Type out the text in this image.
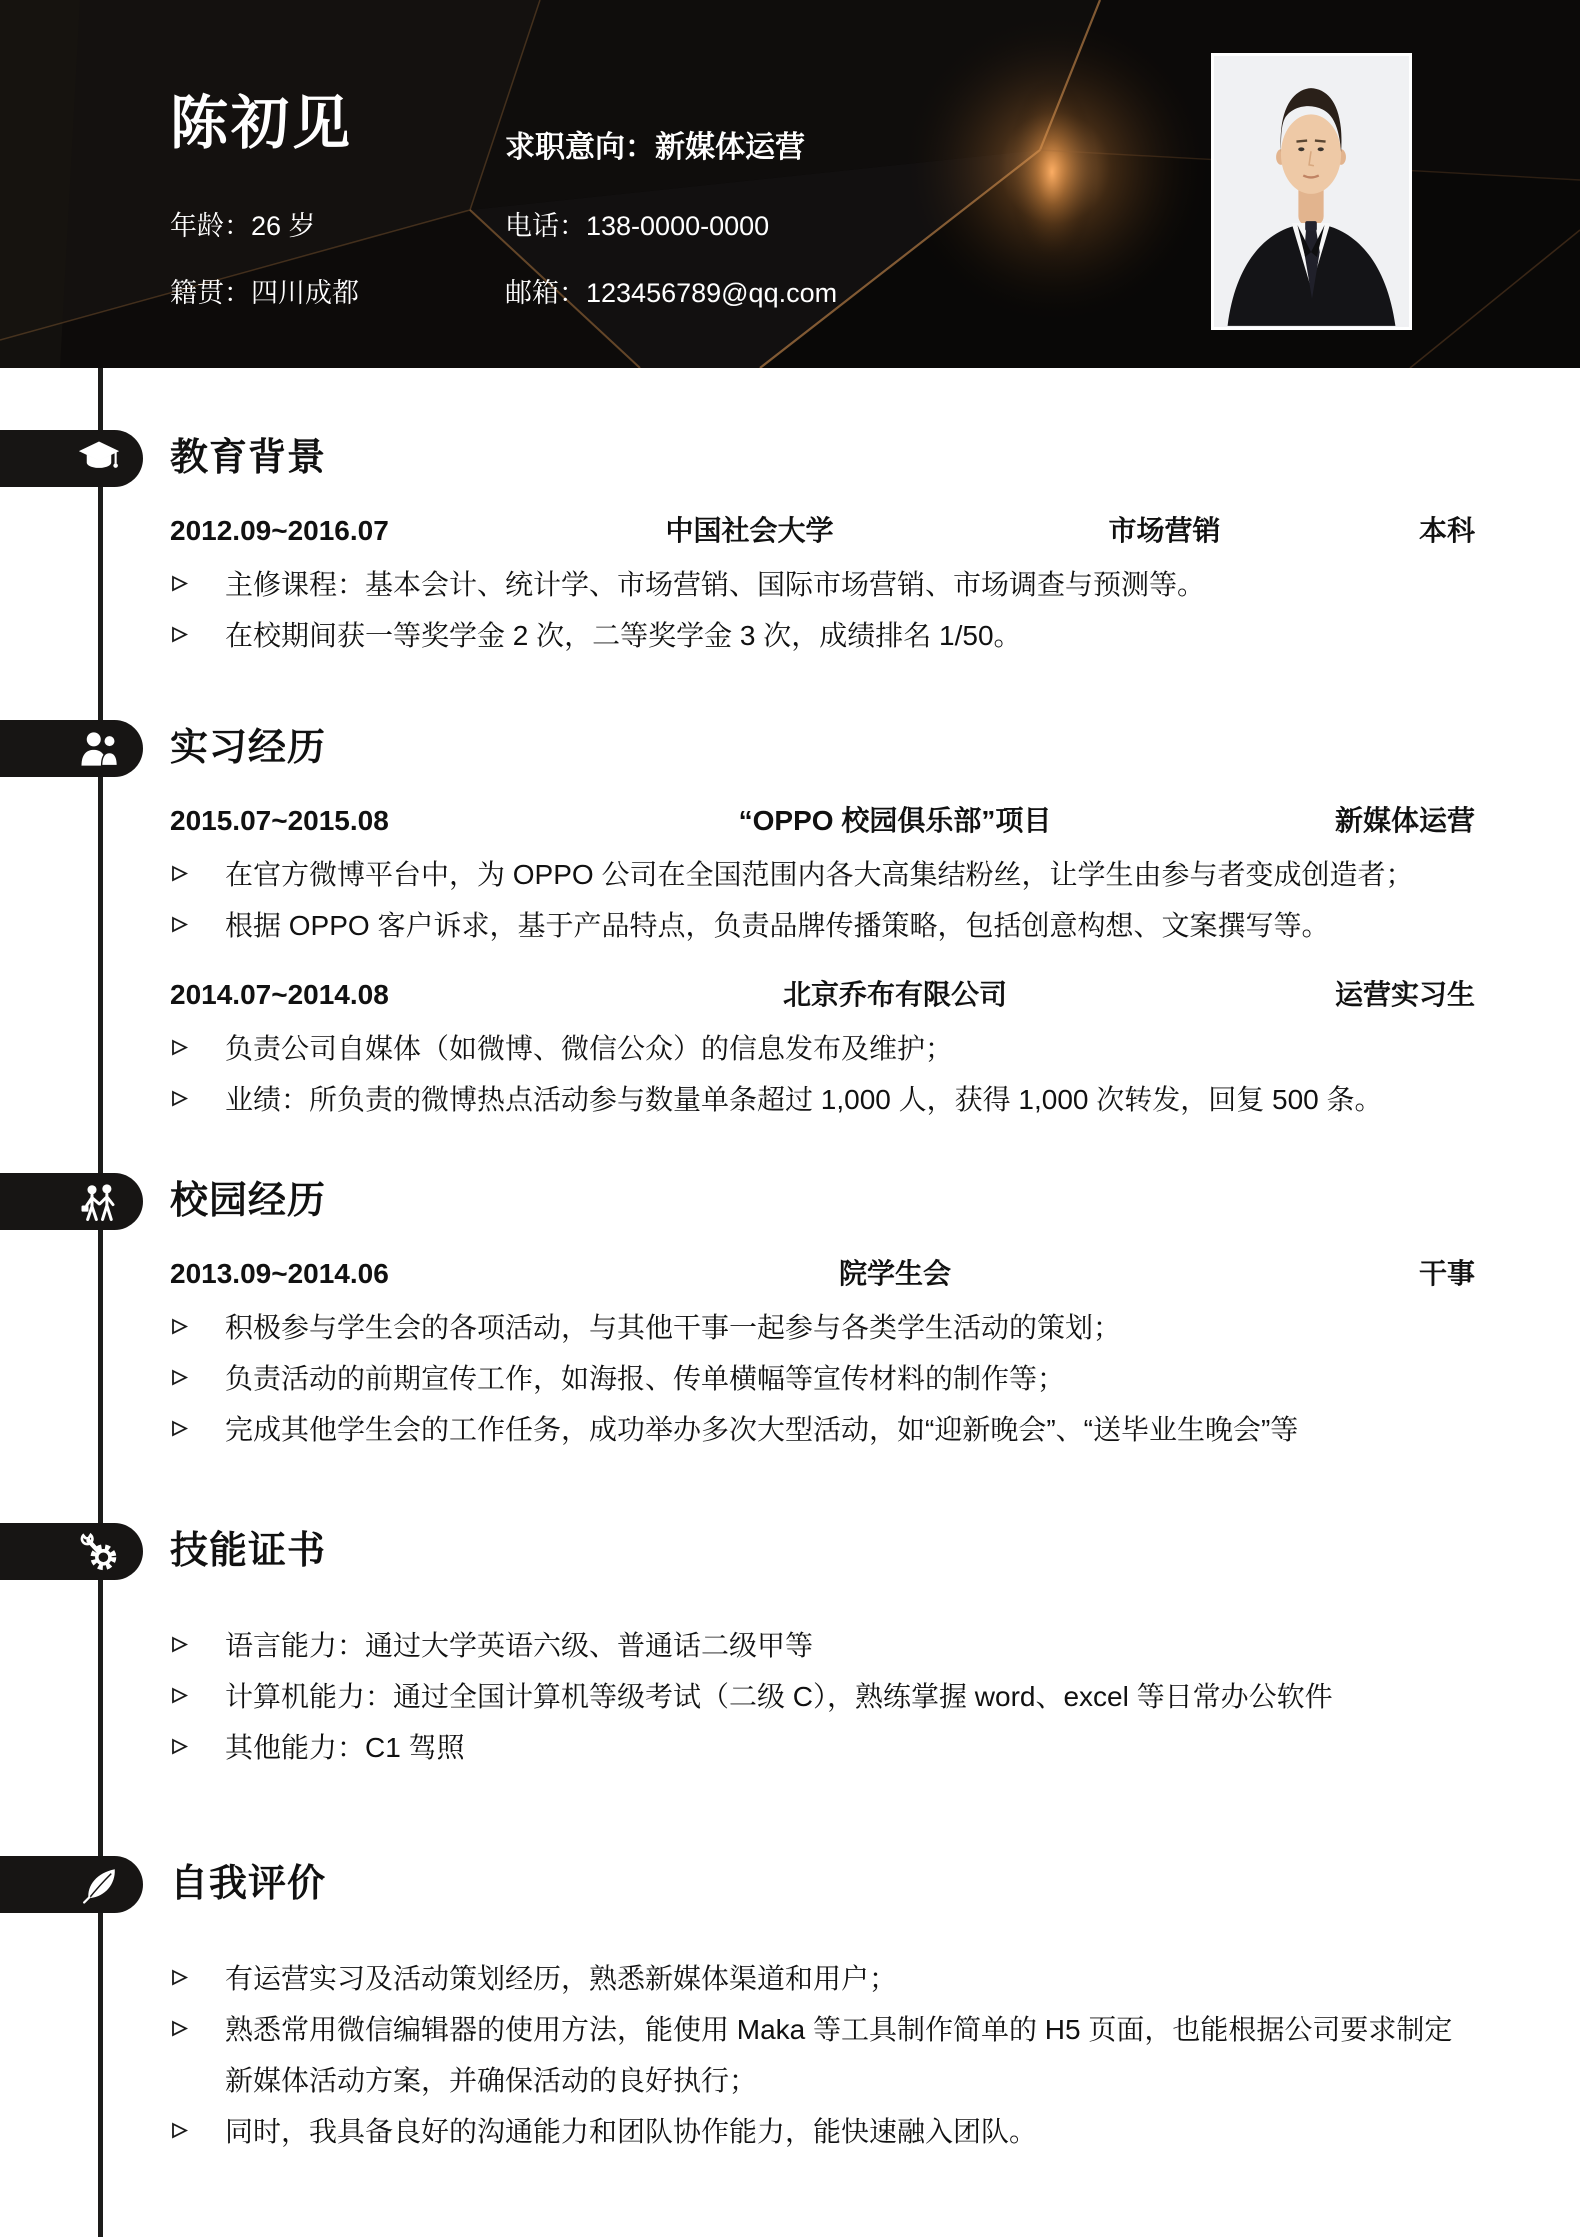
陈初见	求职意向：新媒体运营
年龄：26 岁	电话：138-0000-0000
籍贯：四川成都	邮箱：123456789@qq.com
教育背景
2012.09~2016.07	中国社会大学	市场营销	本科
主修课程：基本会计、统计学、市场营销、国际市场营销、市场调查与预测等。
在校期间获一等奖学金 2 次，二等奖学金 3 次，成绩排名 1/50。
实习经历
2015.07~2015.08	“OPPO 校园俱乐部”项目	新媒体运营
在官方微博平台中，为 OPPO 公司在全国范围内各大高集结粉丝，让学生由参与者变成创造者；
根据 OPPO 客户诉求，基于产品特点，负责品牌传播策略，包括创意构想、文案撰写等。
2014.07~2014.08	北京乔布有限公司	运营实习生
负责公司自媒体（如微博、微信公众）的信息发布及维护；
业绩：所负责的微博热点活动参与数量单条超过 1,000 人，获得 1,000 次转发，回复 500 条。
校园经历
2013.09~2014.06	院学生会	干事
积极参与学生会的各项活动，与其他干事一起参与各类学生活动的策划；
负责活动的前期宣传工作，如海报、传单横幅等宣传材料的制作等；
完成其他学生会的工作任务，成功举办多次大型活动，如“迎新晚会”、“送毕业生晚会”等
技能证书
语言能力：通过大学英语六级、普通话二级甲等
计算机能力：通过全国计算机等级考试（二级 C），熟练掌握 word、excel 等日常办公软件
其他能力：C1 驾照
自我评价
有运营实习及活动策划经历，熟悉新媒体渠道和用户；
熟悉常用微信编辑器的使用方法，能使用 Maka 等工具制作简单的 H5 页面，也能根据公司要求制定新媒体活动方案，并确保活动的良好执行；
同时，我具备良好的沟通能力和团队协作能力，能快速融入团队。
